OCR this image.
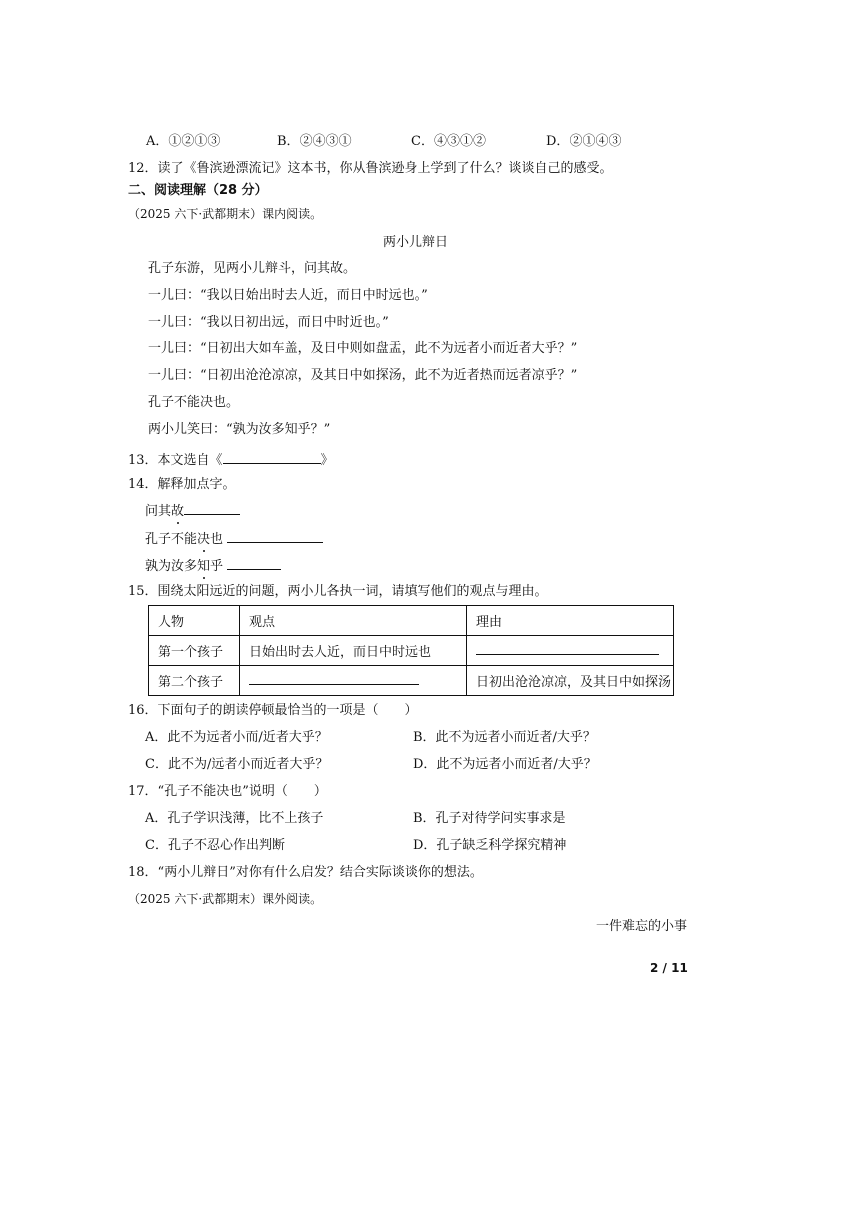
A．①②①③	B．②④③①	C．④③①②	D．②①④③
12．读了《鲁滨逊漂流记》这本书，你从鲁滨逊身上学到了什么？谈谈自己的感受。
二、阅读理解（28 分）
（2025 六下·武都期末）课内阅读。
两小儿辩日
孔子东游，见两小儿辩斗，问其故。
一儿曰：“我以日始出时去人近，而日中时远也。”
一儿曰：“我以日初出远，而日中时近也。”
一儿曰：“日初出大如车盖，及日中则如盘盂，此不为远者小而近者大乎？”
一儿曰：“日初出沧沧凉凉，及其日中如探汤，此不为近者热而远者凉乎？”
孔子不能决也。
两小儿笑曰：“孰为汝多知乎？”
13．本文选自《	》
14．解释加点字。
问其故
孔子不能决也
孰为汝多知乎
15．围绕太阳远近的问题，两小儿各执一词，请填写他们的观点与理由。
人物	观点	理由
第一个孩子	日始出时去人近，而日中时远也	
第二个孩子		日初出沧沧凉凉，及其日中如探汤
16．下面句子的朗读停顿最恰当的一项是（　　）
A．此不为远者小而/近者大乎？	B．此不为远者小而近者/大乎？
C．此不为/远者小而近者大乎？	D．此不为远者小而近者/大乎？
17．“孔子不能决也”说明（　　）
A．孔子学识浅薄，比不上孩子	B．孔子对待学问实事求是
C．孔子不忍心作出判断	D．孔子缺乏科学探究精神
18．“两小儿辩日”对你有什么启发？结合实际谈谈你的想法。
（2025 六下·武都期末）课外阅读。
一件难忘的小事
2 / 11
